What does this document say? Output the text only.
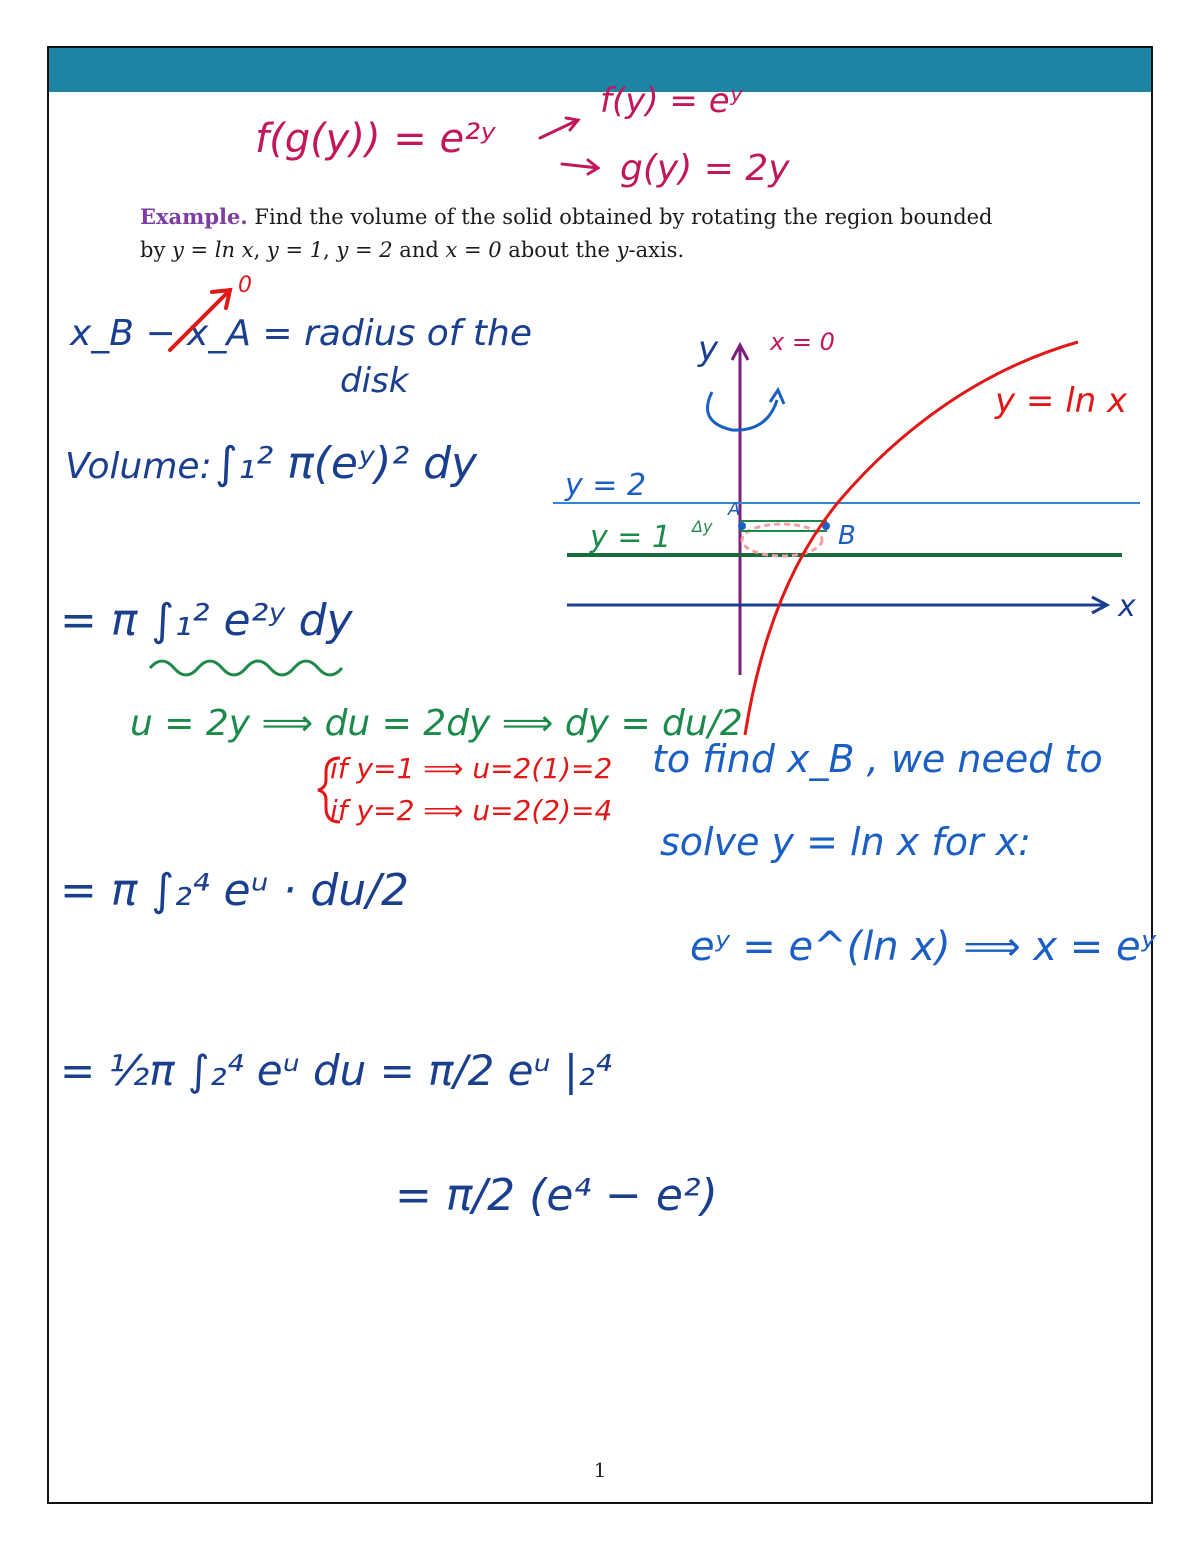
Example. Find the volume of the solid obtained by rotating the region bounded
by y = ln x, y = 1, y = 2 and x = 0 about the y-axis.
f(g(y)) = e²ʸ
f(y) = eʸ
g(y) = 2y
x_B − x_A = radius of the
0
disk
Volume: ∫₁² π(eʸ)² dy
= π ∫₁² e²ʸ dy
u = 2y ⟹ du = 2dy ⟹ dy = du/2
if y=1 ⟹ u=2(1)=2
if y=2 ⟹ u=2(2)=4
= π ∫₂⁴ eᵘ · du/2
= ½π ∫₂⁴ eᵘ du = π/2 eᵘ |₂⁴
= π/2 (e⁴ − e²)
to find x_B , we need to
solve y = ln x for x:
eʸ = e^(ln x) ⟹ x = eʸ
y x = 0
y = 2
y = 1
x
A
B
Δy
y = ln x
1
